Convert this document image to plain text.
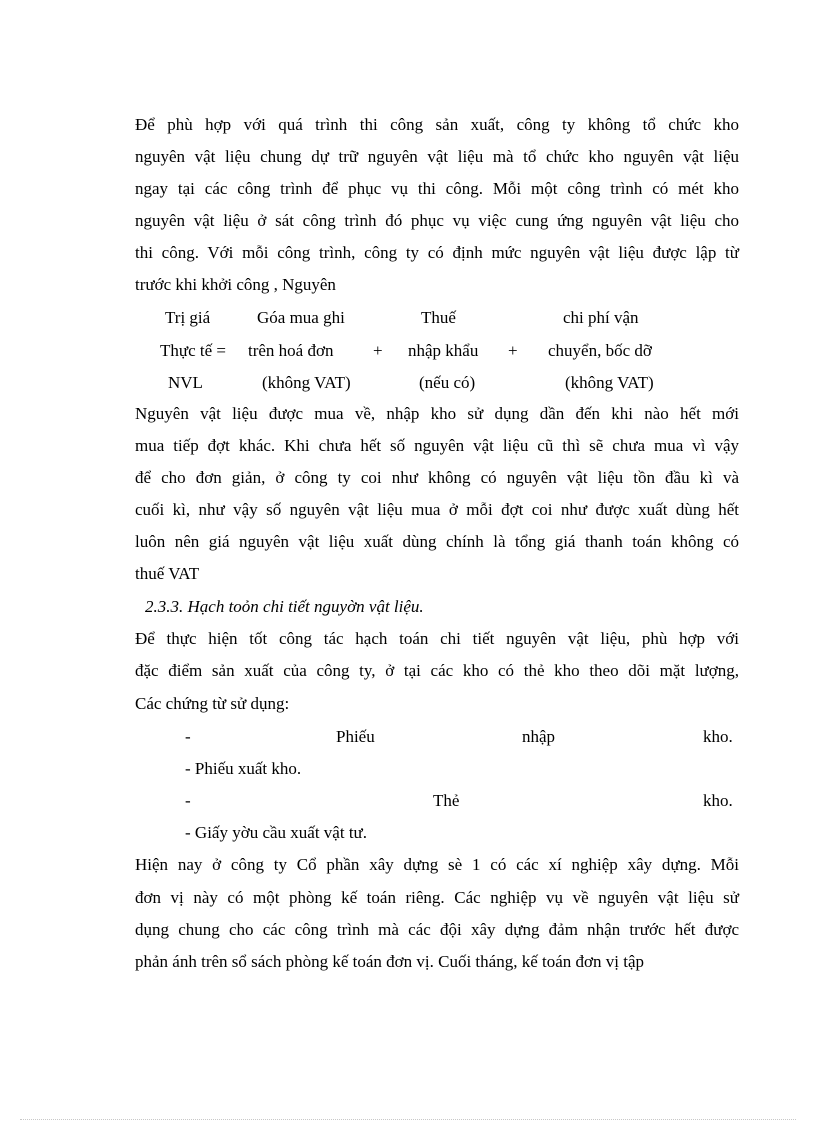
Để phù hợp với quá trình thi công sản xuất, công ty không tổ chức kho
nguyên vật liệu chung dự trữ nguyên vật liệu mà tổ chức kho nguyên vật liệu
ngay tại các công trình để phục vụ thi công. Mỗi một công trình có mét kho
nguyên vật liệu ở sát công trình đó phục vụ việc cung ứng nguyên vật liệu cho
thi công. Với mỗi công trình, công ty có định mức nguyên vật liệu được lập từ
trước khi khởi công , Nguyên
Trị giá	Góa mua ghi	Thuế	chi phí vận
Thực tế = trên hoá đơn + nhập khẩu + chuyển, bốc dỡ
NVL	(không VAT)	(nếu có)	(không VAT)
Nguyên vật liệu được mua về, nhập kho sử dụng dần đến khi nào hết mới
mua tiếp đợt khác. Khi chưa hết số nguyên vật liệu cũ thì sẽ chưa mua vì vậy
để cho đơn giản, ở công ty coi như không có nguyên vật liệu tồn đầu kì và
cuối kì, như vậy số nguyên vật liệu mua ở mỗi đợt coi như được xuất dùng hết
luôn nên giá nguyên vật liệu xuất dùng chính là tổng giá thanh toán không có
thuế VAT
2.3.3. Hạch toỏn chi tiết nguyờn vật liệu.
Để thực hiện tốt công tác hạch toán chi tiết nguyên vật liệu, phù hợp với
đặc điểm sản xuất của công ty, ở tại các kho có thẻ kho theo dõi mặt lượng,
Các chứng từ sử dụng:
-	Phiếu	nhập	kho.
- Phiếu xuất kho.
-	Thẻ	kho.
- Giấy yờu cầu xuất vật tư.
Hiện nay ở công ty Cổ phần xây dựng sè 1 có các xí nghiệp xây dựng. Mỗi
đơn vị này có một phòng kế toán riêng. Các nghiệp vụ về nguyên vật liệu sử
dụng chung cho các công trình mà các đội xây dựng đảm nhận trước hết được
phản ánh trên sổ sách phòng kế toán đơn vị. Cuối tháng, kế toán đơn vị tập
